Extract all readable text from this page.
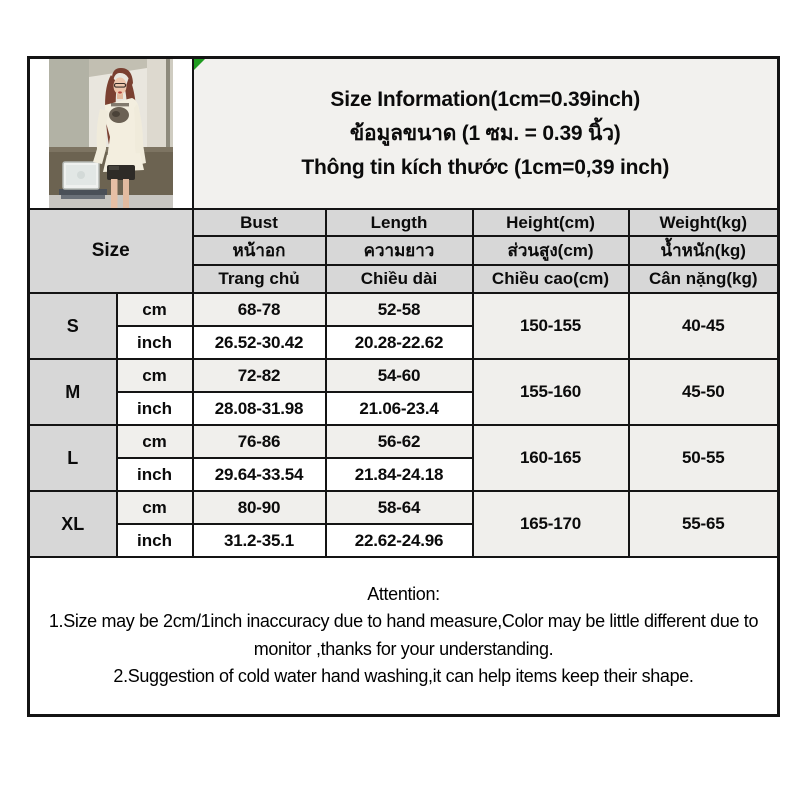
Size Information(1cm=0.39inch)
ข้อมูลขนาด (1 ซม. = 0.39 นิ้ว)
Thông tin kích thước (1cm=0,39 inch)			

Size		Bust	Length	Height(cm)	Weight(kg)
		หน้าอก	ความยาว	ส่วนสูง(cm)	น้ำหนัก(kg)
		Trang chủ	Chiều dài	Chiều cao(cm)	Cân nặng(kg)
S	cm	68-78	52-58	150-155	40-45
	inch	26.52-30.42	20.28-22.62		
M	cm	72-82	54-60	155-160	45-50
	inch	28.08-31.98	21.06-23.4		
L	cm	76-86	56-62	160-165	50-55
	inch	29.64-33.54	21.84-24.18		
XL	cm	80-90	58-64	165-170	55-65
	inch	31.2-35.1	22.62-24.96		

Attention:
1.Size may be 2cm/1inch inaccuracy due to hand measure,Color may be little different due to monitor ,thanks for your understanding.
2.Suggestion of cold water hand washing,it can help items keep their shape.					
